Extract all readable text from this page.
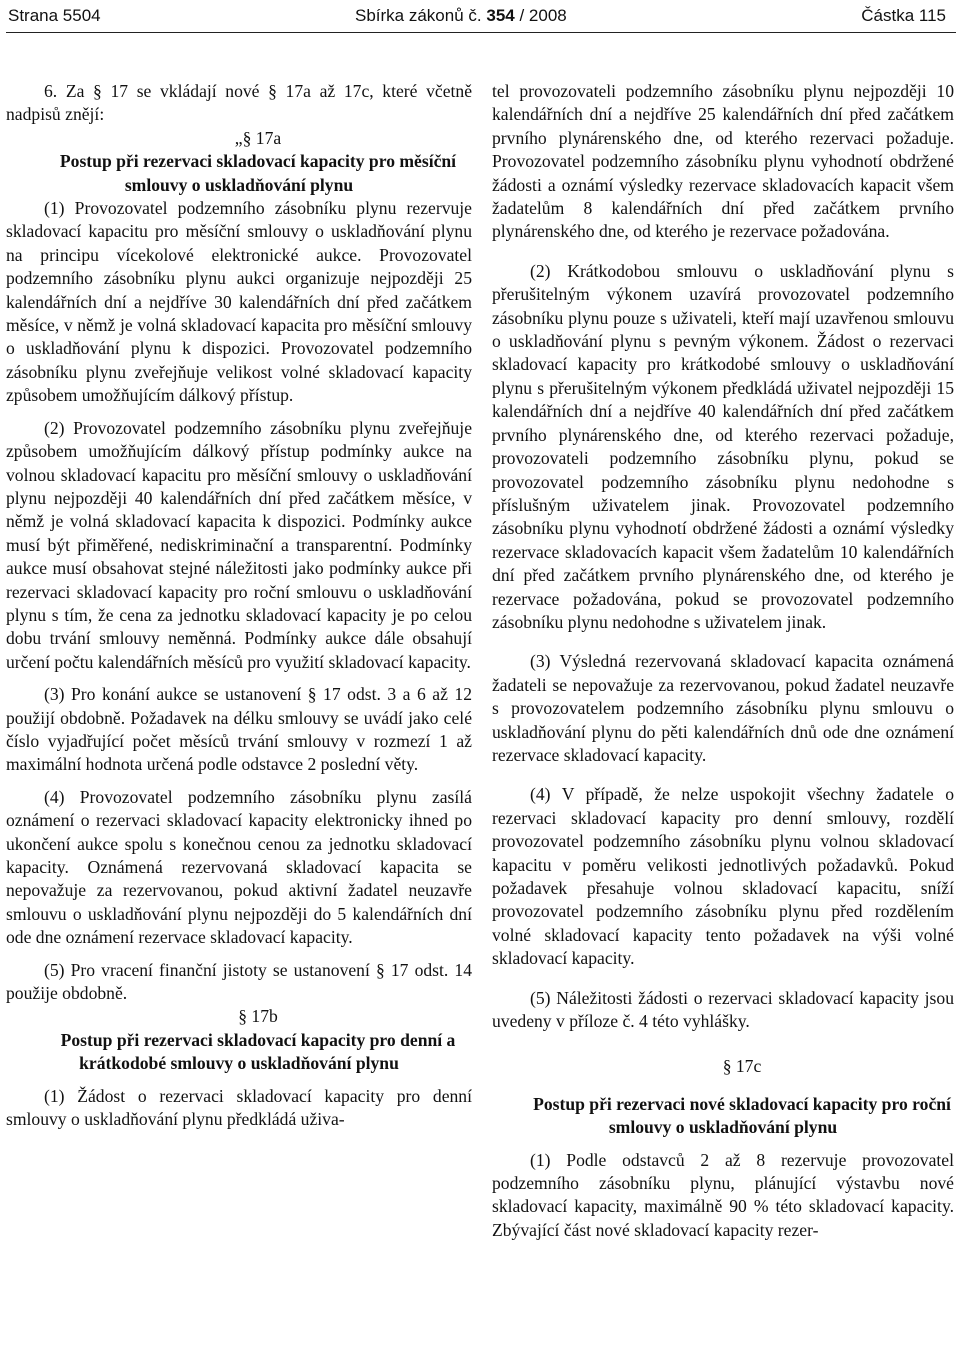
Strana 5504	Sbírka zákonů č. 354 / 2008	Částka 115

6. Za § 17 se vkládají nové § 17a až 17c, které včetně nadpisů znějí:

„§ 17a

Postup při rezervaci skladovací kapacity pro měsíční smlouvy o uskladňování plynu

(1) Provozovatel podzemního zásobníku plynu rezervuje skladovací kapacitu pro měsíční smlouvy o uskladňování plynu na principu vícekolové elektronické aukce. Provozovatel podzemního zásobníku plynu aukci organizuje nejpozději 25 kalendářních dní a nejdříve 30 kalendářních dní před začátkem měsíce, v němž je volná skladovací kapacita pro měsíční smlouvy o uskladňování plynu k dispozici. Provozovatel podzemního zásobníku plynu zveřejňuje velikost volné skladovací kapacity způsobem umožňujícím dálkový přístup.

(2) Provozovatel podzemního zásobníku plynu zveřejňuje způsobem umožňujícím dálkový přístup podmínky aukce na volnou skladovací kapacitu pro měsíční smlouvy o uskladňování plynu nejpozději 40 kalendářních dní před začátkem měsíce, v němž je volná skladovací kapacita k dispozici. Podmínky aukce musí být přiměřené, nediskriminační a transparentní. Podmínky aukce musí obsahovat stejné náležitosti jako podmínky aukce při rezervaci skladovací kapacity pro roční smlouvu o uskladňování plynu s tím, že cena za jednotku skladovací kapacity je po celou dobu trvání smlouvy neměnná. Podmínky aukce dále obsahují určení počtu kalendářních měsíců pro využití skladovací kapacity.

(3) Pro konání aukce se ustanovení § 17 odst. 3 a 6 až 12 použijí obdobně. Požadavek na délku smlouvy se uvádí jako celé číslo vyjadřující počet měsíců trvání smlouvy v rozmezí 1 až maximální hodnota určená podle odstavce 2 poslední věty.

(4) Provozovatel podzemního zásobníku plynu zasílá oznámení o rezervaci skladovací kapacity elektronicky ihned po ukončení aukce spolu s konečnou cenou za jednotku skladovací kapacity. Oznámená rezervovaná skladovací kapacita se nepovažuje za rezervovanou, pokud aktivní žadatel neuzavře smlouvu o uskladňování plynu nejpozději do 5 kalendářních dní ode dne oznámení rezervace skladovací kapacity.

(5) Pro vracení finanční jistoty se ustanovení § 17 odst. 14 použije obdobně.

§ 17b

Postup při rezervaci skladovací kapacity pro denní a krátkodobé smlouvy o uskladňování plynu

(1) Žádost o rezervaci skladovací kapacity pro denní smlouvy o uskladňování plynu předkládá uživa-

tel provozovateli podzemního zásobníku plynu nejpozději 10 kalendářních dní a nejdříve 25 kalendářních dní před začátkem prvního plynárenského dne, od kterého rezervaci požaduje. Provozovatel podzemního zásobníku plynu vyhodnotí obdržené žádosti a oznámí výsledky rezervace skladovacích kapacit všem žadatelům 8 kalendářních dní před začátkem prvního plynárenského dne, od kterého je rezervace požadována.

(2) Krátkodobou smlouvu o uskladňování plynu s přerušitelným výkonem uzavírá provozovatel podzemního zásobníku plynu pouze s uživateli, kteří mají uzavřenou smlouvu o uskladňování plynu s pevným výkonem. Žádost o rezervaci skladovací kapacity pro krátkodobé smlouvy o uskladňování plynu s přerušitelným výkonem předkládá uživatel nejpozději 15 kalendářních dní a nejdříve 40 kalendářních dní před začátkem prvního plynárenského dne, od kterého rezervaci požaduje, provozovateli podzemního zásobníku plynu, pokud se provozovatel podzemního zásobníku plynu nedohodne s příslušným uživatelem jinak. Provozovatel podzemního zásobníku plynu vyhodnotí obdržené žádosti a oznámí výsledky rezervace skladovacích kapacit všem žadatelům 10 kalendářních dní před začátkem prvního plynárenského dne, od kterého je rezervace požadována, pokud se provozovatel podzemního zásobníku plynu nedohodne s uživatelem jinak.

(3) Výsledná rezervovaná skladovací kapacita oznámená žadateli se nepovažuje za rezervovanou, pokud žadatel neuzavře s provozovatelem podzemního zásobníku plynu smlouvu o uskladňování plynu do pěti kalendářních dnů ode dne oznámení rezervace skladovací kapacity.

(4) V případě, že nelze uspokojit všechny žadatele o rezervaci skladovací kapacity pro denní smlouvy, rozdělí provozovatel podzemního zásobníku plynu volnou skladovací kapacitu v poměru velikosti jednotlivých požadavků. Pokud požadavek přesahuje volnou skladovací kapacitu, sníží provozovatel podzemního zásobníku plynu před rozdělením volné skladovací kapacity tento požadavek na výši volné skladovací kapacity.

(5) Náležitosti žádosti o rezervaci skladovací kapacity jsou uvedeny v příloze č. 4 této vyhlášky.

§ 17c

Postup při rezervaci nové skladovací kapacity pro roční smlouvy o uskladňování plynu

(1) Podle odstavců 2 až 8 rezervuje provozovatel podzemního zásobníku plynu, plánující výstavbu nové skladovací kapacity, maximálně 90 % této skladovací kapacity. Zbývající část nové skladovací kapacity rezer-
